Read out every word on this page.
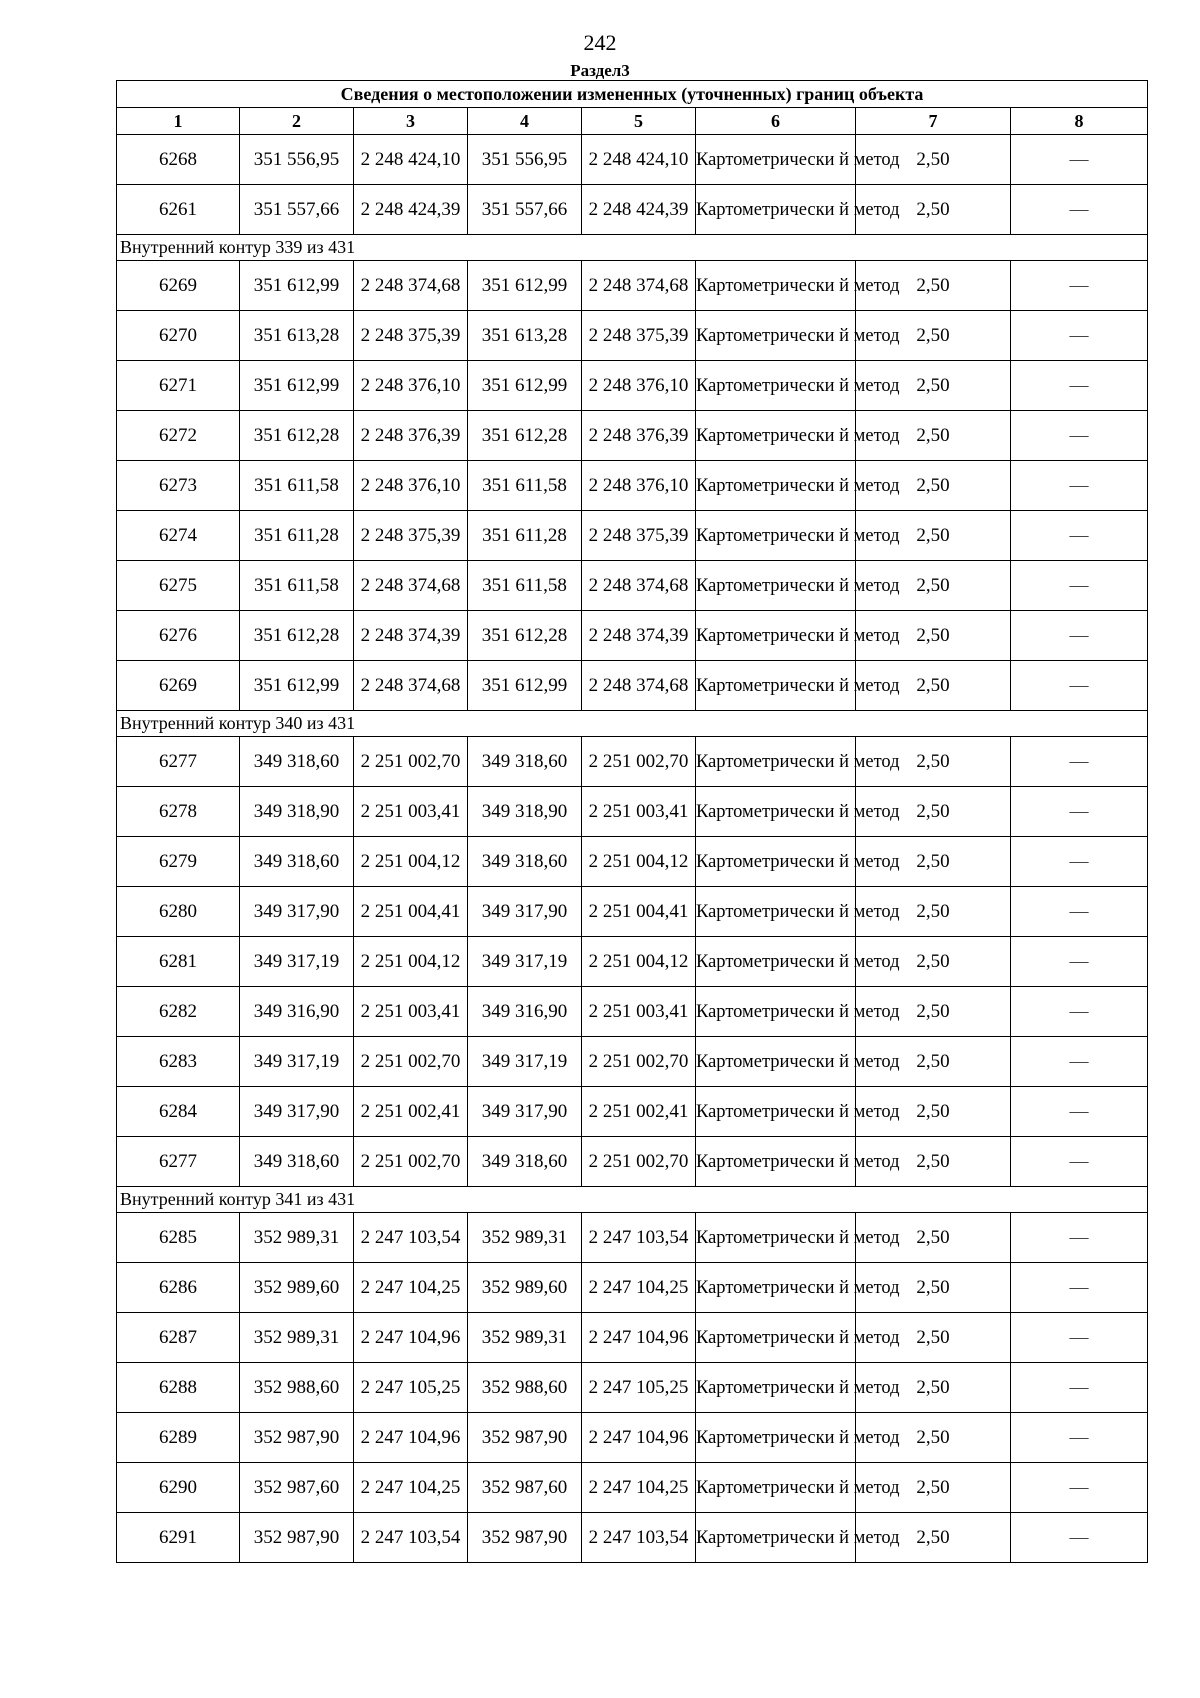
242
Раздел3
Сведения о местоположении измененных (уточненных) границ объекта							
1	2	3	4	5	6	7	8
6268	351 556,95	2 248 424,10	351 556,95	2 248 424,10	Картометрически й метод	2,50	—
6261	351 557,66	2 248 424,39	351 557,66	2 248 424,39	Картометрически й метод	2,50	—
Внутренний контур 339 из 431							
6269	351 612,99	2 248 374,68	351 612,99	2 248 374,68	Картометрически й метод	2,50	—
6270	351 613,28	2 248 375,39	351 613,28	2 248 375,39	Картометрически й метод	2,50	—
6271	351 612,99	2 248 376,10	351 612,99	2 248 376,10	Картометрически й метод	2,50	—
6272	351 612,28	2 248 376,39	351 612,28	2 248 376,39	Картометрически й метод	2,50	—
6273	351 611,58	2 248 376,10	351 611,58	2 248 376,10	Картометрически й метод	2,50	—
6274	351 611,28	2 248 375,39	351 611,28	2 248 375,39	Картометрически й метод	2,50	—
6275	351 611,58	2 248 374,68	351 611,58	2 248 374,68	Картометрически й метод	2,50	—
6276	351 612,28	2 248 374,39	351 612,28	2 248 374,39	Картометрически й метод	2,50	—
6269	351 612,99	2 248 374,68	351 612,99	2 248 374,68	Картометрически й метод	2,50	—
Внутренний контур 340 из 431							
6277	349 318,60	2 251 002,70	349 318,60	2 251 002,70	Картометрически й метод	2,50	—
6278	349 318,90	2 251 003,41	349 318,90	2 251 003,41	Картометрически й метод	2,50	—
6279	349 318,60	2 251 004,12	349 318,60	2 251 004,12	Картометрически й метод	2,50	—
6280	349 317,90	2 251 004,41	349 317,90	2 251 004,41	Картометрически й метод	2,50	—
6281	349 317,19	2 251 004,12	349 317,19	2 251 004,12	Картометрически й метод	2,50	—
6282	349 316,90	2 251 003,41	349 316,90	2 251 003,41	Картометрически й метод	2,50	—
6283	349 317,19	2 251 002,70	349 317,19	2 251 002,70	Картометрически й метод	2,50	—
6284	349 317,90	2 251 002,41	349 317,90	2 251 002,41	Картометрически й метод	2,50	—
6277	349 318,60	2 251 002,70	349 318,60	2 251 002,70	Картометрически й метод	2,50	—
Внутренний контур 341 из 431							
6285	352 989,31	2 247 103,54	352 989,31	2 247 103,54	Картометрически й метод	2,50	—
6286	352 989,60	2 247 104,25	352 989,60	2 247 104,25	Картометрически й метод	2,50	—
6287	352 989,31	2 247 104,96	352 989,31	2 247 104,96	Картометрически й метод	2,50	—
6288	352 988,60	2 247 105,25	352 988,60	2 247 105,25	Картометрически й метод	2,50	—
6289	352 987,90	2 247 104,96	352 987,90	2 247 104,96	Картометрически й метод	2,50	—
6290	352 987,60	2 247 104,25	352 987,60	2 247 104,25	Картометрически й метод	2,50	—
6291	352 987,90	2 247 103,54	352 987,90	2 247 103,54	Картометрически й метод	2,50	—
